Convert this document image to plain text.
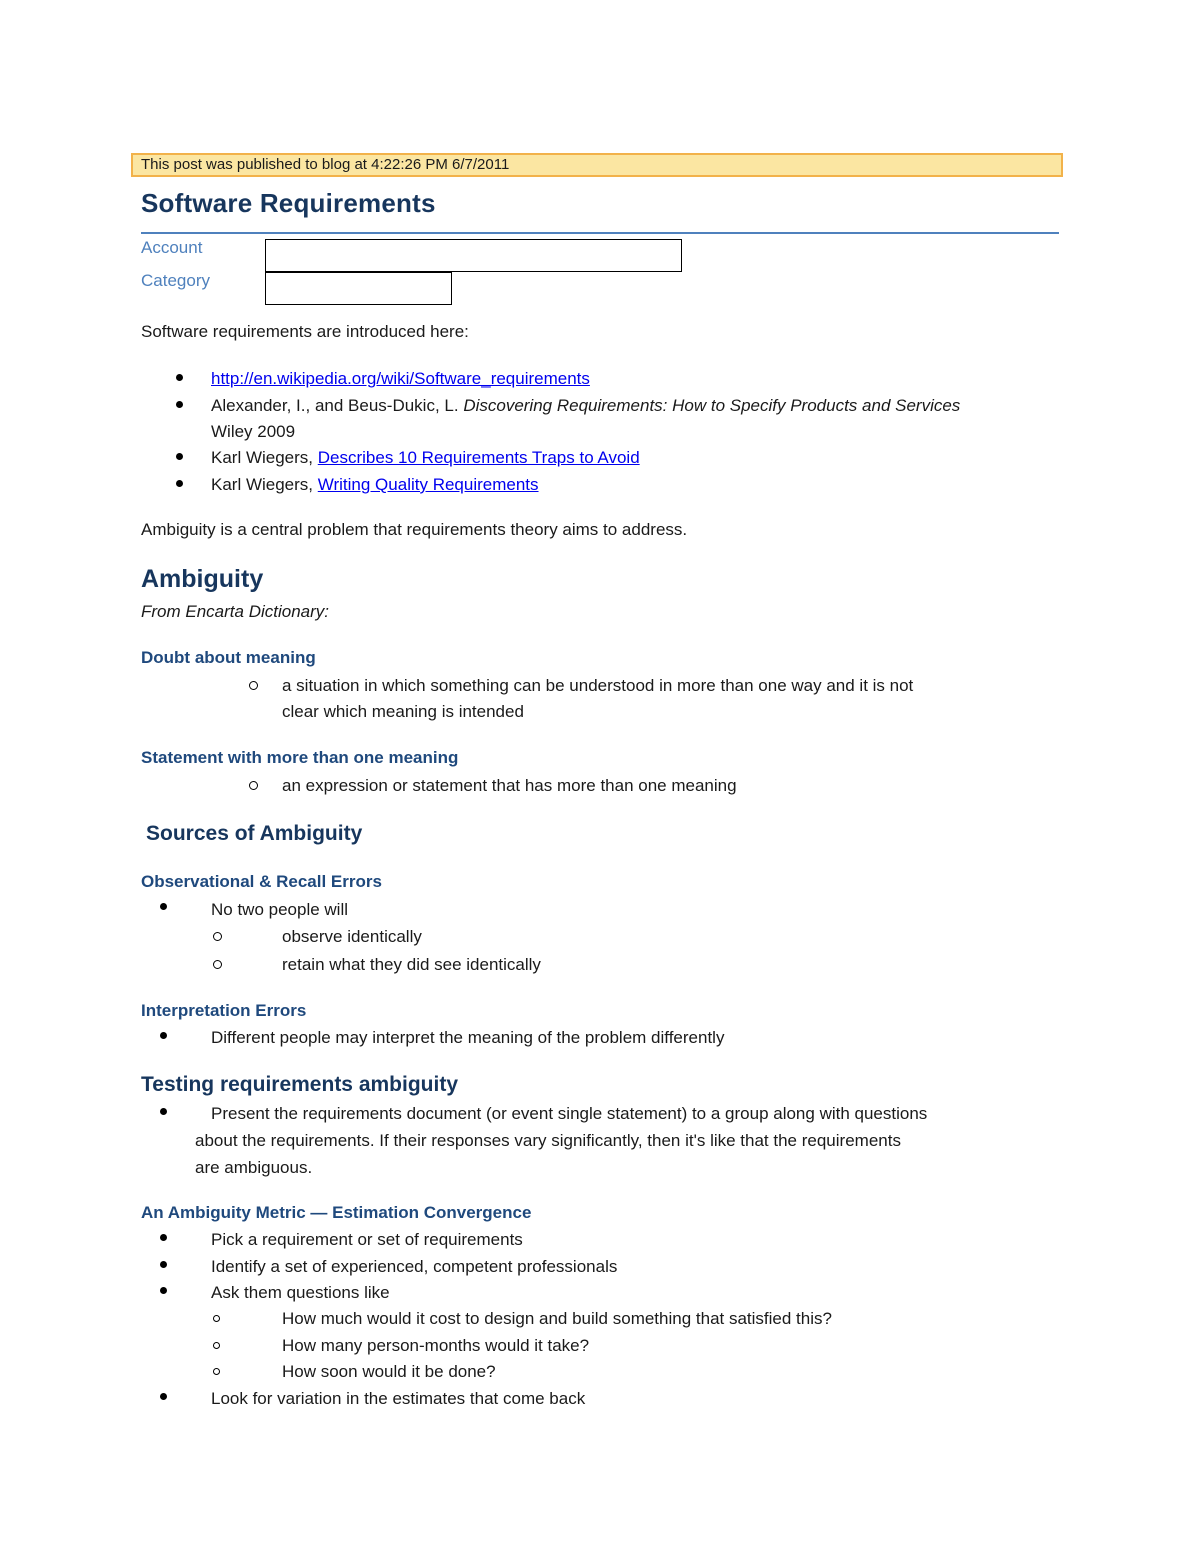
This post was published to blog at 4:22:26 PM 6/7/2011
Software Requirements
Account
Category
Software requirements are introduced here:
http://en.wikipedia.org/wiki/Software_requirements
Alexander, I., and Beus-Dukic, L. Discovering Requirements: How to Specify Products and Services
Wiley 2009
Karl Wiegers, Describes 10 Requirements Traps to Avoid
Karl Wiegers, Writing Quality Requirements
Ambiguity is a central problem that requirements theory aims to address.
Ambiguity
From Encarta Dictionary:
Doubt about meaning
a situation in which something can be understood in more than one way and it is not
clear which meaning is intended
Statement with more than one meaning
an expression or statement that has more than one meaning
Sources of Ambiguity
Observational & Recall Errors
No two people will
observe identically
retain what they did see identically
Interpretation Errors
Different people may interpret the meaning of the problem differently
Testing requirements ambiguity
Present the requirements document (or event single statement) to a group along with questions
about the requirements. If their responses vary significantly, then it's like that the requirements
are ambiguous.
An Ambiguity Metric — Estimation Convergence
Pick a requirement or set of requirements
Identify a set of experienced, competent professionals
Ask them questions like
How much would it cost to design and build something that satisfied this?
How many person-months would it take?
How soon would it be done?
Look for variation in the estimates that come back
